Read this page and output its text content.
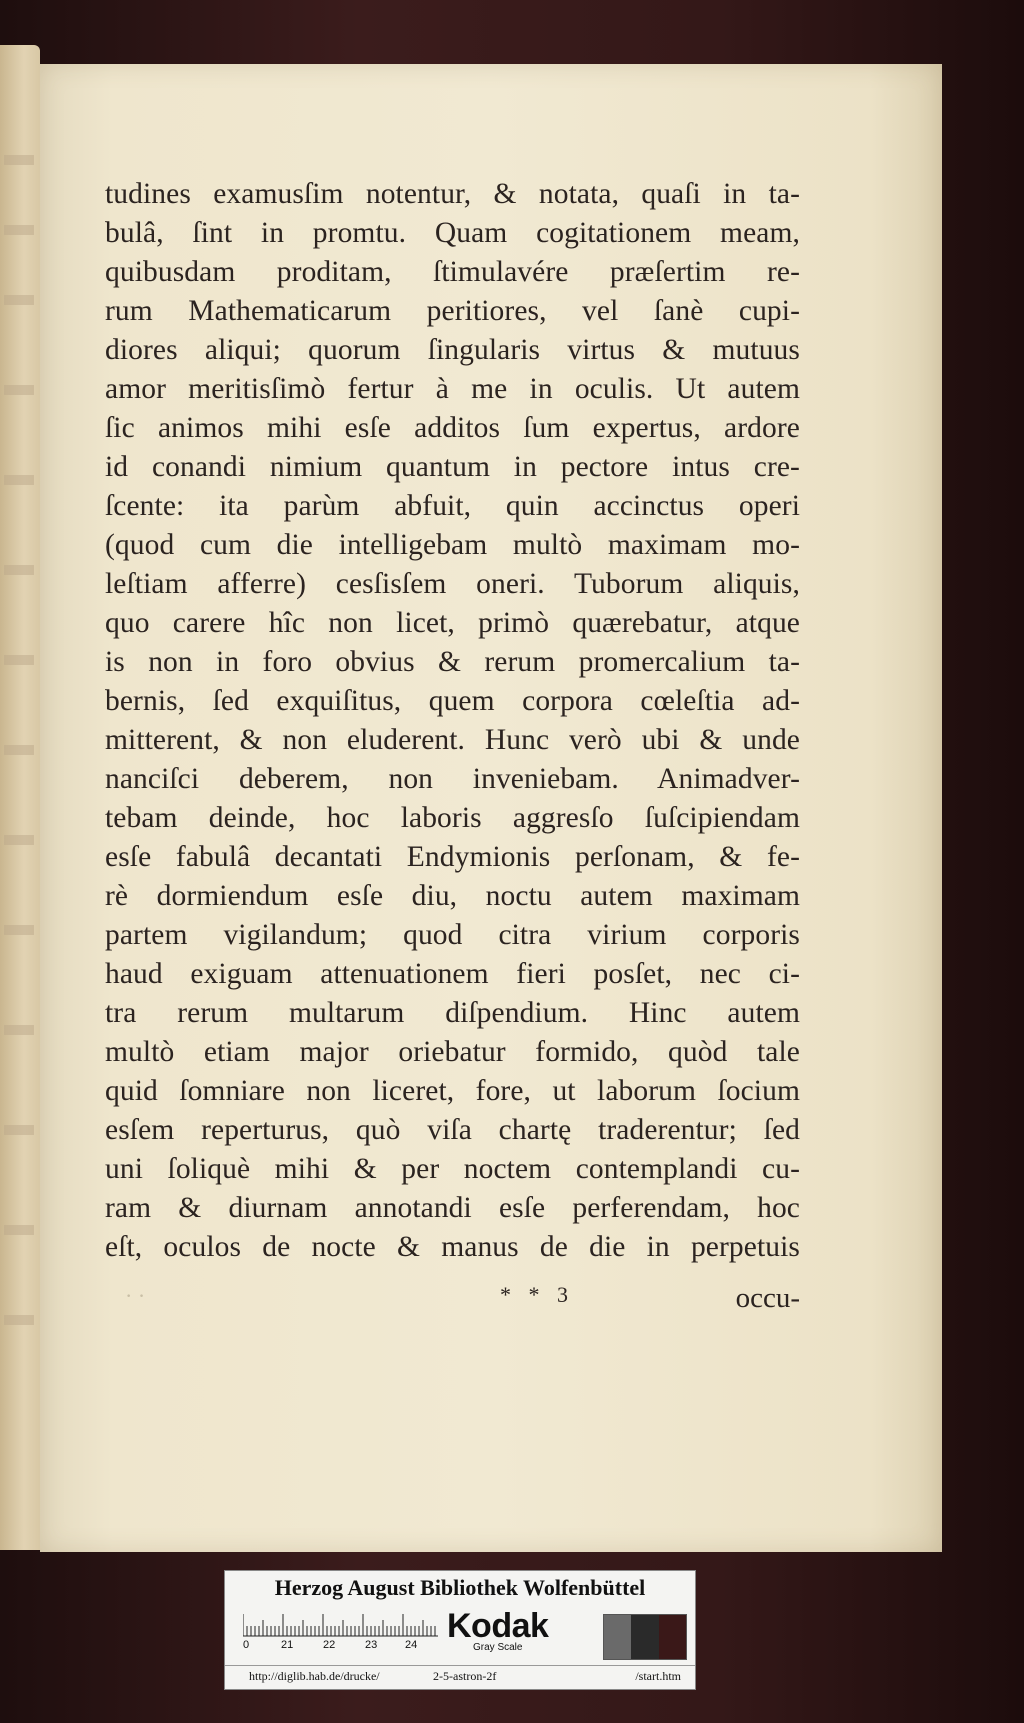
tudines examusſim notentur, & notata, quaſi in ta-
bulâ, ſint in promtu. Quam cogitationem meam,
quibusdam proditam, ſtimulavére præſertim re-
rum Mathematicarum peritiores, vel ſanè cupi-
diores aliqui; quorum ſingularis virtus & mutuus
amor meritisſimò fertur à me in oculis. Ut autem
ſic animos mihi esſe additos ſum expertus, ardore
id conandi nimium quantum in pectore intus cre-
ſcente: ita parùm abfuit, quin accinctus operi
(quod cum die intelligebam multò maximam mo-
leſtiam afferre) cesſisſem oneri. Tuborum aliquis,
quo carere hîc non licet, primò quærebatur, atque
is non in foro obvius & rerum promercalium ta-
bernis, ſed exquiſitus, quem corpora cœleſtia ad-
mitterent, & non eluderent. Hunc verò ubi & unde
nanciſci deberem, non inveniebam. Animadver-
tebam deinde, hoc laboris aggresſo ſuſcipiendam
esſe fabulâ decantati Endymionis perſonam, & fe-
rè dormiendum esſe diu, noctu autem maximam
partem vigilandum; quod citra virium corporis
haud exiguam attenuationem fieri posſet, nec ci-
tra rerum multarum diſpendium. Hinc autem
multò etiam major oriebatur formido, quòd tale
quid ſomniare non liceret, fore, ut laborum ſocium
esſem reperturus, quò viſa chartę traderentur; ſed
uni ſoliquè mihi & per noctem contemplandi cu-
ram & diurnam annotandi esſe perferendam, hoc
eſt, oculos de nocte & manus de die in perpetuis
· ·	* * 3	occu-
Herzog August Bibliothek Wolfenbüttel
0	21	22	23	24 Kodak
Gray Scale
http://diglib.hab.de/drucke/	2-5-astron-2f	/start.htm
